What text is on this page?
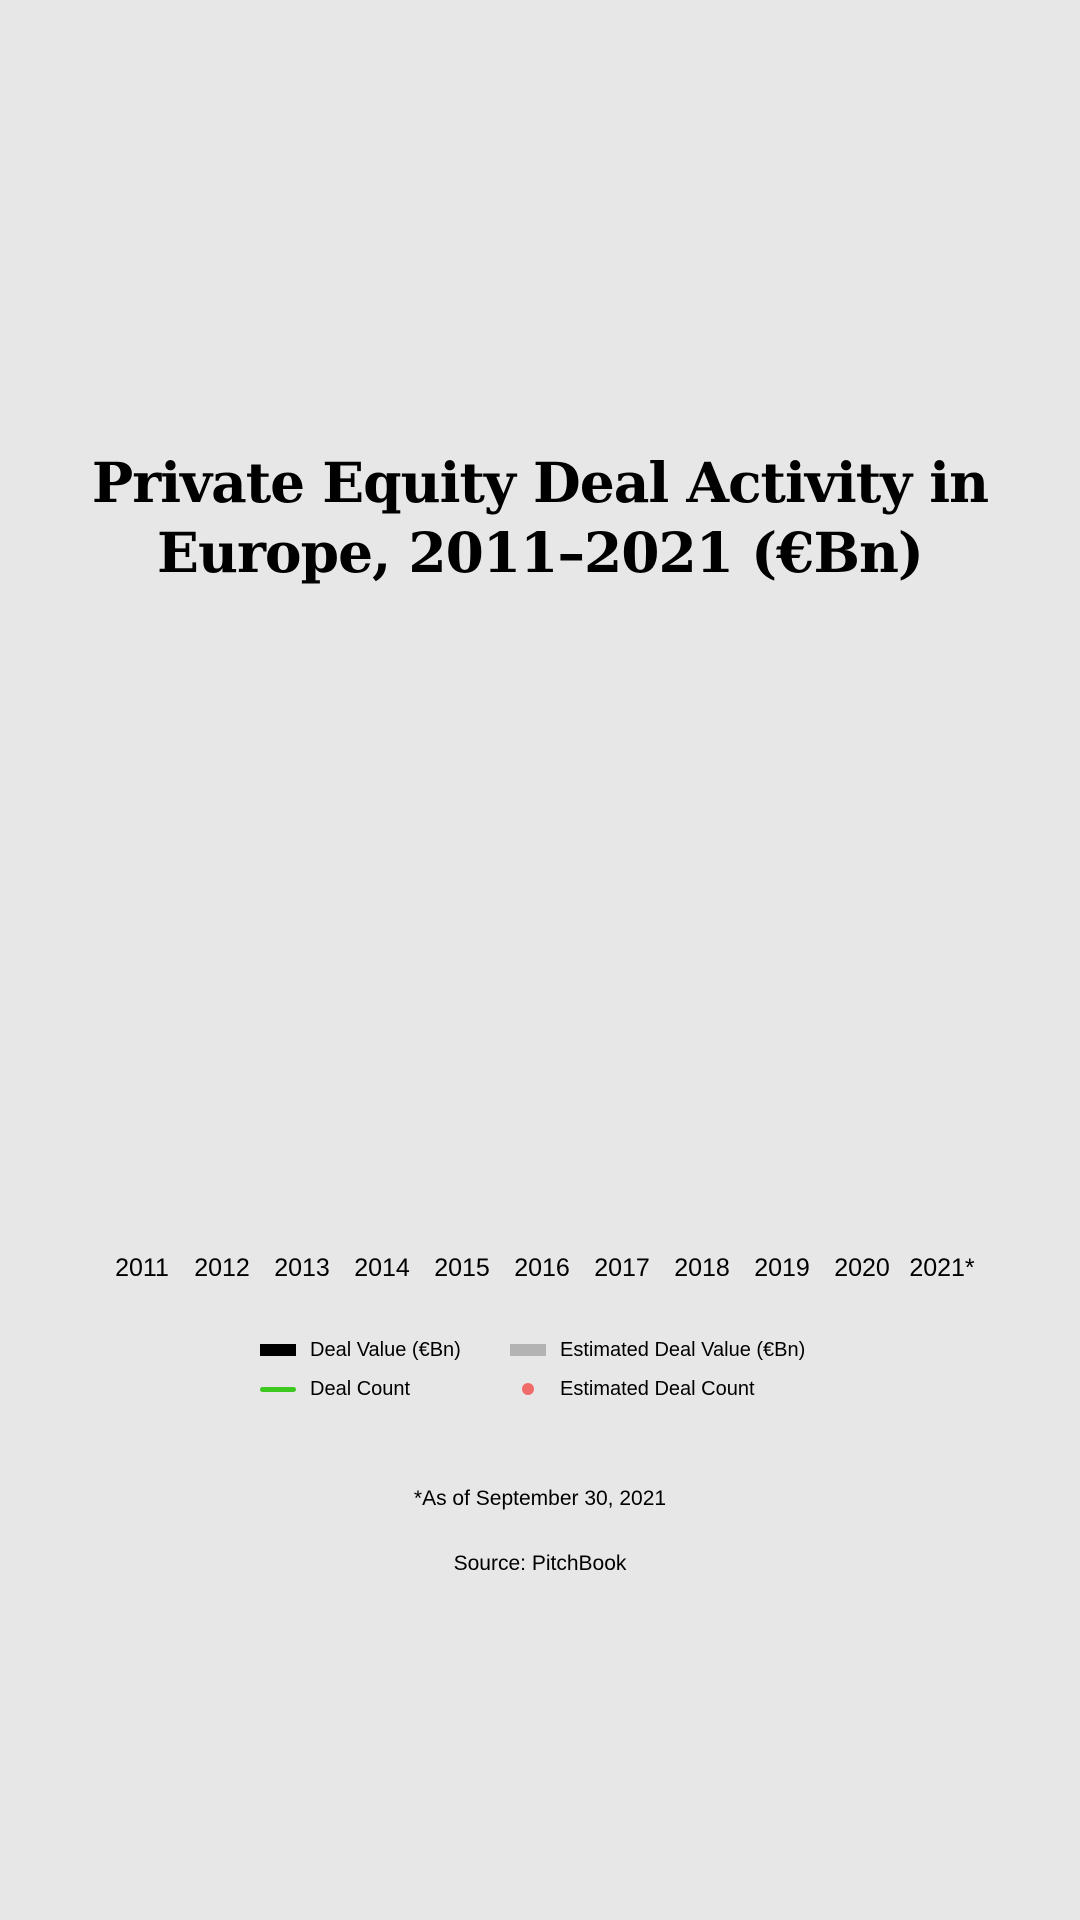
Private Equity Deal Activity in Europe, 2011–2021 (€Bn)
2011 2012 2013 2014 2015 2016 2017 2018 2019 2020 2021*
Deal Value (€Bn)	Estimated Deal Value (€Bn)
Deal Count	Estimated Deal Count

*As of September 30, 2021

Source: PitchBook
